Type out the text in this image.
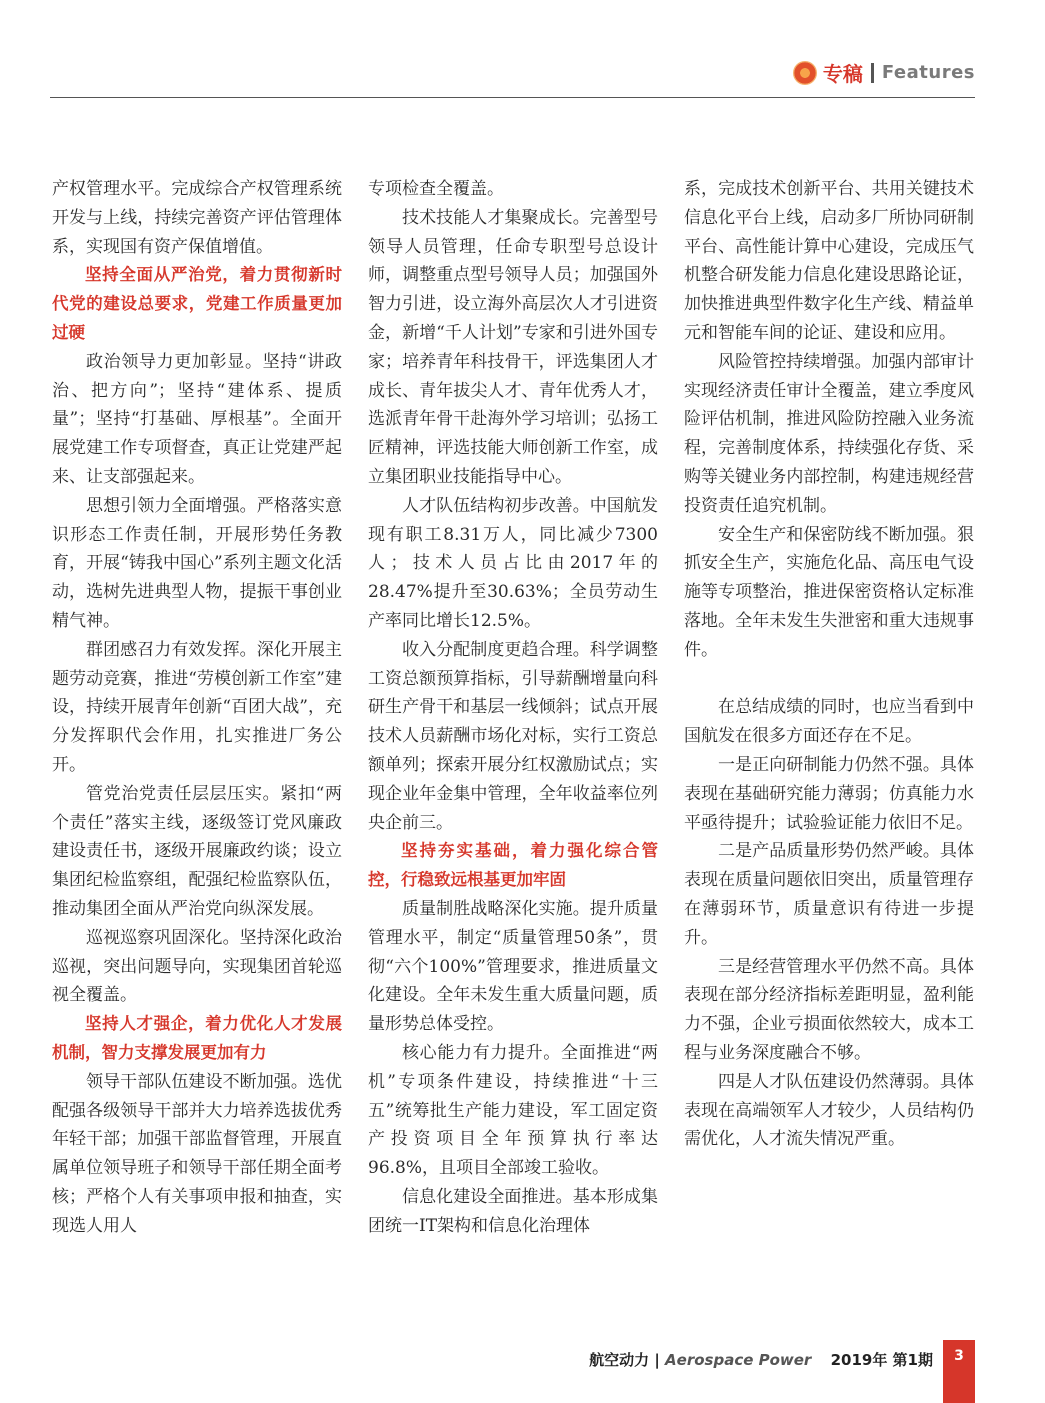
专稿 Features

产权管理水平。完成综合产权管理系统开发与上线，持续完善资产评估管理体系，实现国有资产保值增值。

坚持全面从严治党，着力贯彻新时代党的建设总要求，党建工作质量更加过硬

政治领导力更加彰显。坚持“讲政治、把方向”；坚持“建体系、提质量”；坚持“打基础、厚根基”。全面开展党建工作专项督查，真正让党建严起来、让支部强起来。

思想引领力全面增强。严格落实意识形态工作责任制，开展形势任务教育，开展“铸我中国心”系列主题文化活动，选树先进典型人物，提振干事创业精气神。

群团感召力有效发挥。深化开展主题劳动竞赛，推进“劳模创新工作室”建设，持续开展青年创新“百团大战”，充分发挥职代会作用，扎实推进厂务公开。

管党治党责任层层压实。紧扣“两个责任”落实主线，逐级签订党风廉政建设责任书，逐级开展廉政约谈；设立集团纪检监察组，配强纪检监察队伍，推动集团全面从严治党向纵深发展。

巡视巡察巩固深化。坚持深化政治巡视，突出问题导向，实现集团首轮巡视全覆盖。

坚持人才强企，着力优化人才发展机制，智力支撑发展更加有力

领导干部队伍建设不断加强。选优配强各级领导干部并大力培养选拔优秀年轻干部；加强干部监督管理，开展直属单位领导班子和领导干部任期全面考核；严格个人有关事项申报和抽查，实现选人用人

专项检查全覆盖。

技术技能人才集聚成长。完善型号领导人员管理，任命专职型号总设计师，调整重点型号领导人员；加强国外智力引进，设立海外高层次人才引进资金，新增“千人计划”专家和引进外国专家；培养青年科技骨干，评选集团人才成长、青年拔尖人才、青年优秀人才，选派青年骨干赴海外学习培训；弘扬工匠精神，评选技能大师创新工作室，成立集团职业技能指导中心。

人才队伍结构初步改善。中国航发现有职工8.31万人，同比减少7300人；技术人员占比由2017年的28.47%提升至30.63%；全员劳动生产率同比增长12.5%。

收入分配制度更趋合理。科学调整工资总额预算指标，引导薪酬增量向科研生产骨干和基层一线倾斜；试点开展技术人员薪酬市场化对标，实行工资总额单列；探索开展分红权激励试点；实现企业年金集中管理，全年收益率位列央企前三。

坚持夯实基础，着力强化综合管控，行稳致远根基更加牢固

质量制胜战略深化实施。提升质量管理水平，制定“质量管理50条”，贯彻“六个100%”管理要求，推进质量文化建设。全年未发生重大质量问题，质量形势总体受控。

核心能力有力提升。全面推进“两机”专项条件建设，持续推进“十三五”统筹批生产能力建设，军工固定资产投资项目全年预算执行率达96.8%，且项目全部竣工验收。

信息化建设全面推进。基本形成集团统一IT架构和信息化治理体

系，完成技术创新平台、共用关键技术信息化平台上线，启动多厂所协同研制平台、高性能计算中心建设，完成压气机整合研发能力信息化建设思路论证，加快推进典型件数字化生产线、精益单元和智能车间的论证、建设和应用。

风险管控持续增强。加强内部审计实现经济责任审计全覆盖，建立季度风险评估机制，推进风险防控融入业务流程，完善制度体系，持续强化存货、采购等关键业务内部控制，构建违规经营投资责任追究机制。

安全生产和保密防线不断加强。狠抓安全生产，实施危化品、高压电气设施等专项整治，推进保密资格认定标准落地。全年未发生失泄密和重大违规事件。

在总结成绩的同时，也应当看到中国航发在很多方面还存在不足。

一是正向研制能力仍然不强。具体表现在基础研究能力薄弱；仿真能力水平亟待提升；试验验证能力依旧不足。

二是产品质量形势仍然严峻。具体表现在质量问题依旧突出，质量管理存在薄弱环节，质量意识有待进一步提升。

三是经营管理水平仍然不高。具体表现在部分经济指标差距明显，盈利能力不强，企业亏损面依然较大，成本工程与业务深度融合不够。

四是人才队伍建设仍然薄弱。具体表现在高端领军人才较少，人员结构仍需优化，人才流失情况严重。

航空动力 | Aerospace Power 2019年 第1期	3
